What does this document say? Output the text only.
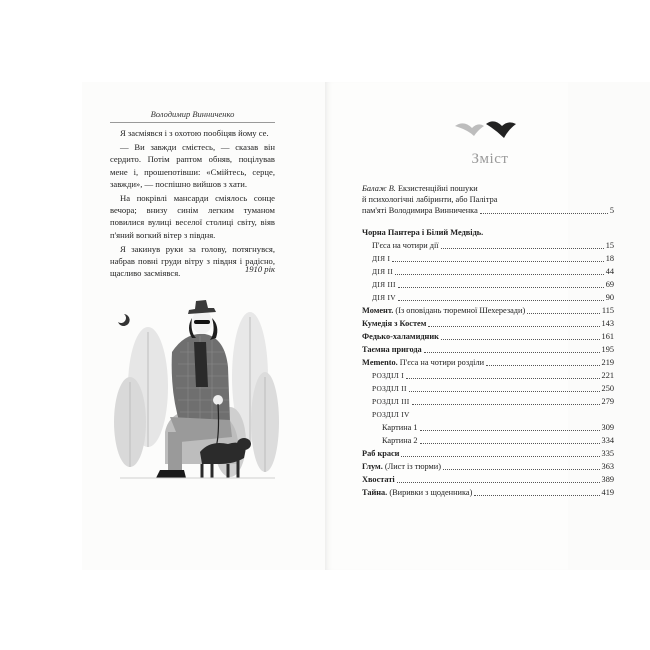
Володимир Винниченко

Я засміявся і з охотою пообіцяв йому се.

— Ви завжди смієтесь, — сказав він сердито. Потім раптом обняв, поцілував мене і, прошепотівши: «Смійтесь, серце, завжди», — поспішно вийшов з хати.

На покрівлі мансарди сміялось сонце вечора; внизу синім легким туманом повилися вулиці веселої столиці світу, віяв п'яний вогкий вітер з півдня.

Я закинув руки за голову, потягнувся, набрав повні груди вітру з півдня і радісно, щасливо засміявся.	1910 рік
Зміст
Балаж В. Екзистенційні пошуки
й психологічні лабіринти, або Палітра
пам'яті Володимира Винниченка	5
Чорна Пантера і Білий Медвідь.
П'єса на чотири дії	15
ДІЯ І	18
ДІЯ ІІ	44
ДІЯ ІІІ	69
ДІЯ IV	90
Момент. (Із оповідань тюремної Шехерезади)	115
Кумедія з Костем	143
Федько-халамидник	161
Таємна пригода	195
Memento. П'єса на чотири розділи	219
РОЗДІЛ І	221
РОЗДІЛ ІІ	250
РОЗДІЛ ІІІ	279
РОЗДІЛ IV
Картина 1	309
Картина 2	334
Раб краси	335
Глум. (Лист із тюрми)	363
Хвостаті	389
Тайна. (Виривки з щоденника)	419
